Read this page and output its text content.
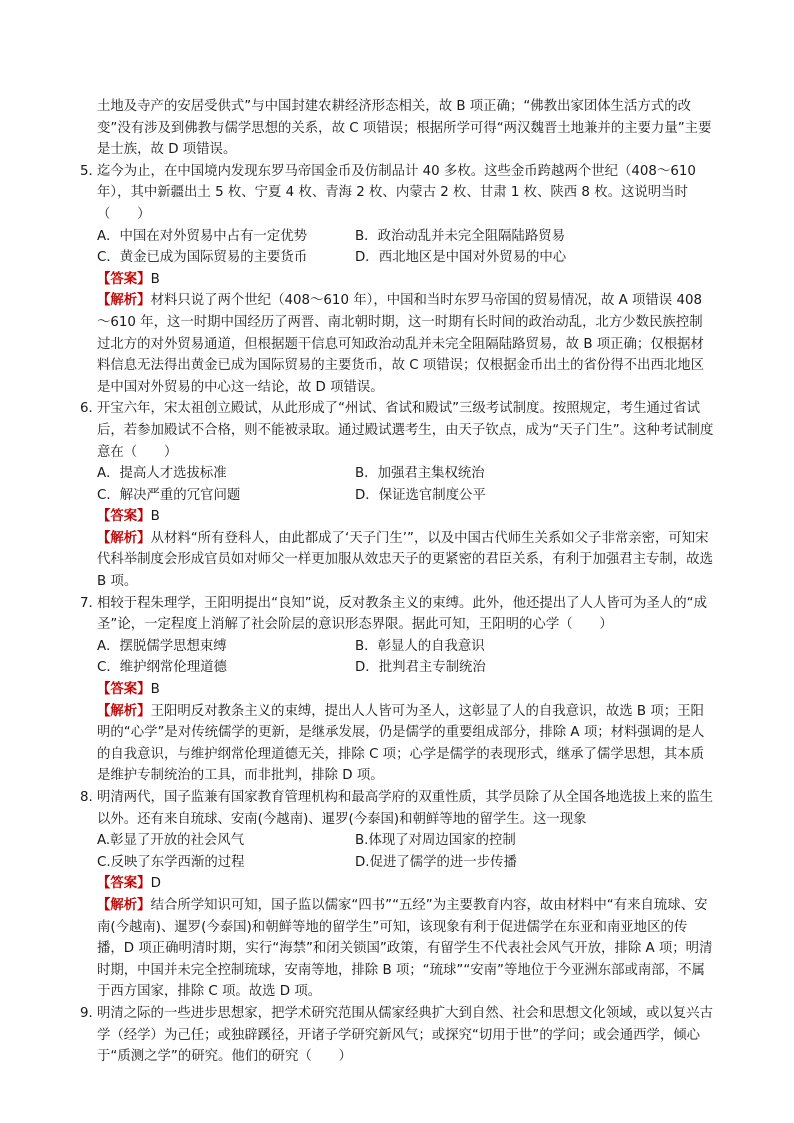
土地及寺产的安居受供式”与中国封建农耕经济形态相关，故 B 项正确；“佛教出家团体生活方式的改变”没有涉及到佛教与儒学思想的关系，故 C 项错误；根据所学可得“两汉魏晋土地兼并的主要力量”主要是士族，故 D 项错误。

5．
迄今为止，在中国境内发现东罗马帝国金币及仿制品计 40 多枚。这些金币跨越两个世纪（408～610 年），其中新疆出土 5 枚、宁夏 4 枚、青海 2 枚、内蒙古 2 枚、甘肃 1 枚、陕西 8 枚。这说明当时（　　）
A．中国在对外贸易中占有一定优势	B．政治动乱并未完全阻隔陆路贸易
C．黄金已成为国际贸易的主要货币	D．西北地区是中国对外贸易的中心
【答案】B

【解析】材料只说了两个世纪（408～610 年），中国和当时东罗马帝国的贸易情况，故 A 项错误 408～610 年，这一时期中国经历了两晋、南北朝时期，这一时期有长时间的政治动乱，北方少数民族控制过北方的对外贸易通道，但根据题干信息可知政治动乱并未完全阻隔陆路贸易，故 B 项正确；仅根据材料信息无法得出黄金已成为国际贸易的主要货币，故 C 项错误；仅根据金币出土的省份得不出西北地区是中国对外贸易的中心这一结论，故 D 项错误。

6．
开宝六年，宋太祖创立殿试，从此形成了“州试、省试和殿试”三级考试制度。按照规定，考生通过省试后，若参加殿试不合格，则不能被录取。通过殿试選考生，由天子钦点，成为“天子门生”。这种考试制度意在（　　）
A．提高人才选拔标准	B．加强君主集权统治
C．解决严重的冗官问题	D．保证选官制度公平
【答案】B

【解析】从材料“所有登科人，由此都成了‘天子门生’”，以及中国古代师生关系如父子非常亲密，可知宋代科举制度会形成官员如对师父一样更加服从效忠天子的更紧密的君臣关系，有利于加强君主专制，故选 B 项。

7．
相较于程朱理学，王阳明提出“良知”说，反对教条主义的束缚。此外，他还提出了人人皆可为圣人的“成圣”论，一定程度上消解了社会阶层的意识形态界限。据此可知，王阳明的心学（　　）
A．摆脱儒学思想束缚	B．彰显人的自我意识
C．维护纲常伦理道德	D．批判君主专制统治
【答案】B

【解析】王阳明反对教条主义的束缚，提出人人皆可为圣人，这彰显了人的自我意识，故选 B 项；王阳明的“心学”是对传统儒学的更新，是继承发展，仍是儒学的重要组成部分，排除 A 项；材料强调的是人的自我意识，与维护纲常伦理道德无关，排除 C 项；心学是儒学的表现形式，继承了儒学思想，其本质是维护专制统治的工具，而非批判，排除 D 项。

8. 明清两代，国子监兼有国家教育管理机构和最高学府的双重性质，其学员除了从全国各地选拔上来的监生以外。还有来自琉球、安南(今越南)、暹罗(今泰国)和朝鲜等地的留学生。这一现象
A.彰显了开放的社会风气	B.体现了对周边国家的控制
C.反映了东学西渐的过程	D.促进了儒学的进一步传播
【答案】D

【解析】结合所学知识可知，国子监以儒家“四书”“五经”为主要教育内容，故由材料中“有来自琉球、安南(今越南)、暹罗(今泰国)和朝鲜等地的留学生”可知，该现象有利于促进儒学在东亚和南亚地区的传播，D 项正确明清时期，实行“海禁”和闭关锁国”政策，有留学生不代表社会风气开放，排除 A 项；明清时期，中国并未完全控制琉球，安南等地，排除 B 项；“琉球”“安南”等地位于今亚洲东部或南部，不属于西方国家，排除 C 项。故选 D 项。

9．
明清之际的一些进步思想家，把学术研究范围从儒家经典扩大到自然、社会和思想文化领域，或以复兴古学（经学）为己任；或独辟蹊径，开诸子学研究新风气；或探究“切用于世”的学问；或会通西学，倾心于“质测之学”的研究。他们的研究（　　）
